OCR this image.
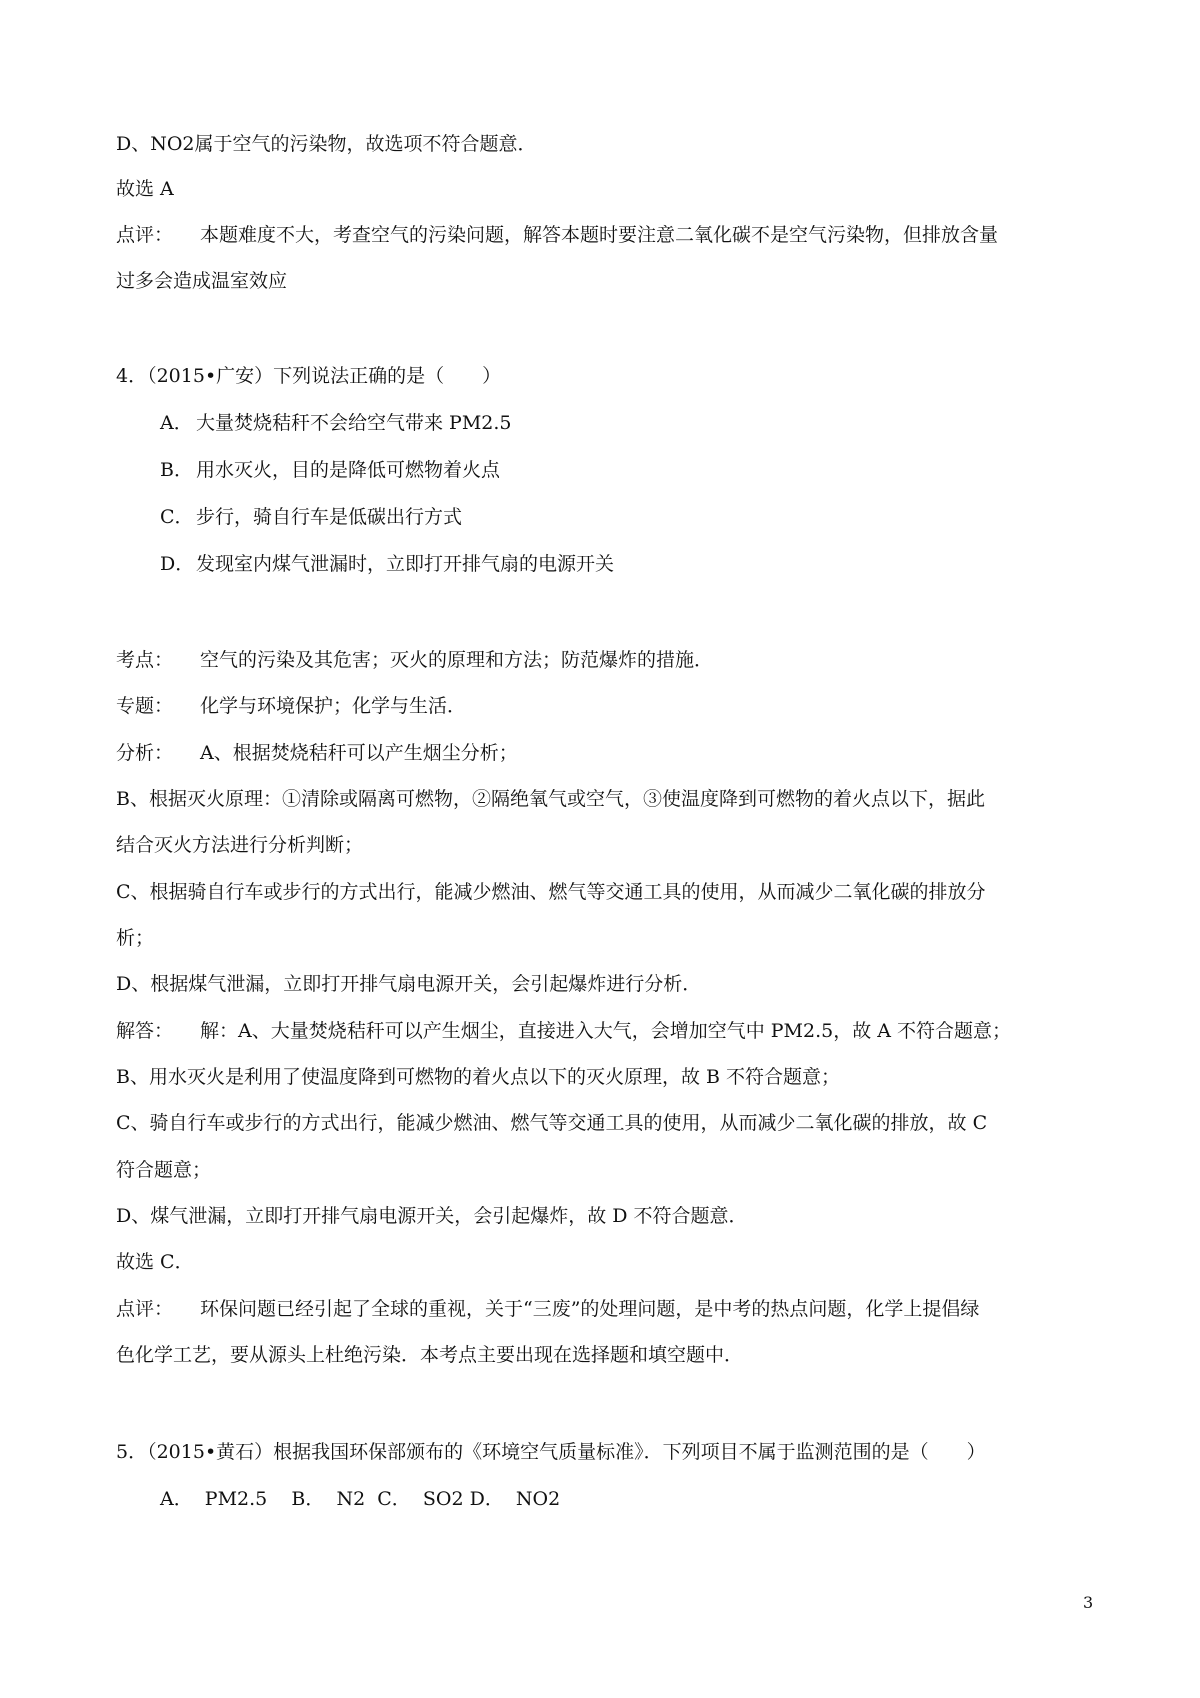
D、NO2属于空气的污染物，故选项不符合题意．
故选 A
点评： 本题难度不大，考查空气的污染问题，解答本题时要注意二氧化碳不是空气污染物，但排放含量
过多会造成温室效应
4．（2015•广安）下列说法正确的是（　　）
A． 大量焚烧秸秆不会给空气带来 PM2.5
B． 用水灭火，目的是降低可燃物着火点
C． 步行，骑自行车是低碳出行方式
D．发现室内煤气泄漏时，立即打开排气扇的电源开关
考点： 空气的污染及其危害；灭火的原理和方法；防范爆炸的措施．
专题： 化学与环境保护；化学与生活．
分析： A、根据焚烧秸秆可以产生烟尘分析；
B、根据灭火原理：①清除或隔离可燃物，②隔绝氧气或空气，③使温度降到可燃物的着火点以下，据此
结合灭火方法进行分析判断；
C、根据骑自行车或步行的方式出行，能减少燃油、燃气等交通工具的使用，从而减少二氧化碳的排放分
析；
D、根据煤气泄漏，立即打开排气扇电源开关，会引起爆炸进行分析．
解答： 解：A、大量焚烧秸秆可以产生烟尘，直接进入大气，会增加空气中 PM2.5，故 A 不符合题意；
B、用水灭火是利用了使温度降到可燃物的着火点以下的灭火原理，故 B 不符合题意；
C、骑自行车或步行的方式出行，能减少燃油、燃气等交通工具的使用，从而减少二氧化碳的排放，故 C
符合题意；
D、煤气泄漏，立即打开排气扇电源开关，会引起爆炸，故 D 不符合题意．
故选 C．
点评： 环保问题已经引起了全球的重视，关于“三废”的处理问题，是中考的热点问题，化学上提倡绿
色化学工艺，要从源头上杜绝污染．本考点主要出现在选择题和填空题中．
5．（2015•黄石）根据我国环保部颁布的《环境空气质量标准》．下列项目不属于监测范围的是（　　）
A．  PM2.5    B．  N2  C．  SO2 D．  NO2
3
